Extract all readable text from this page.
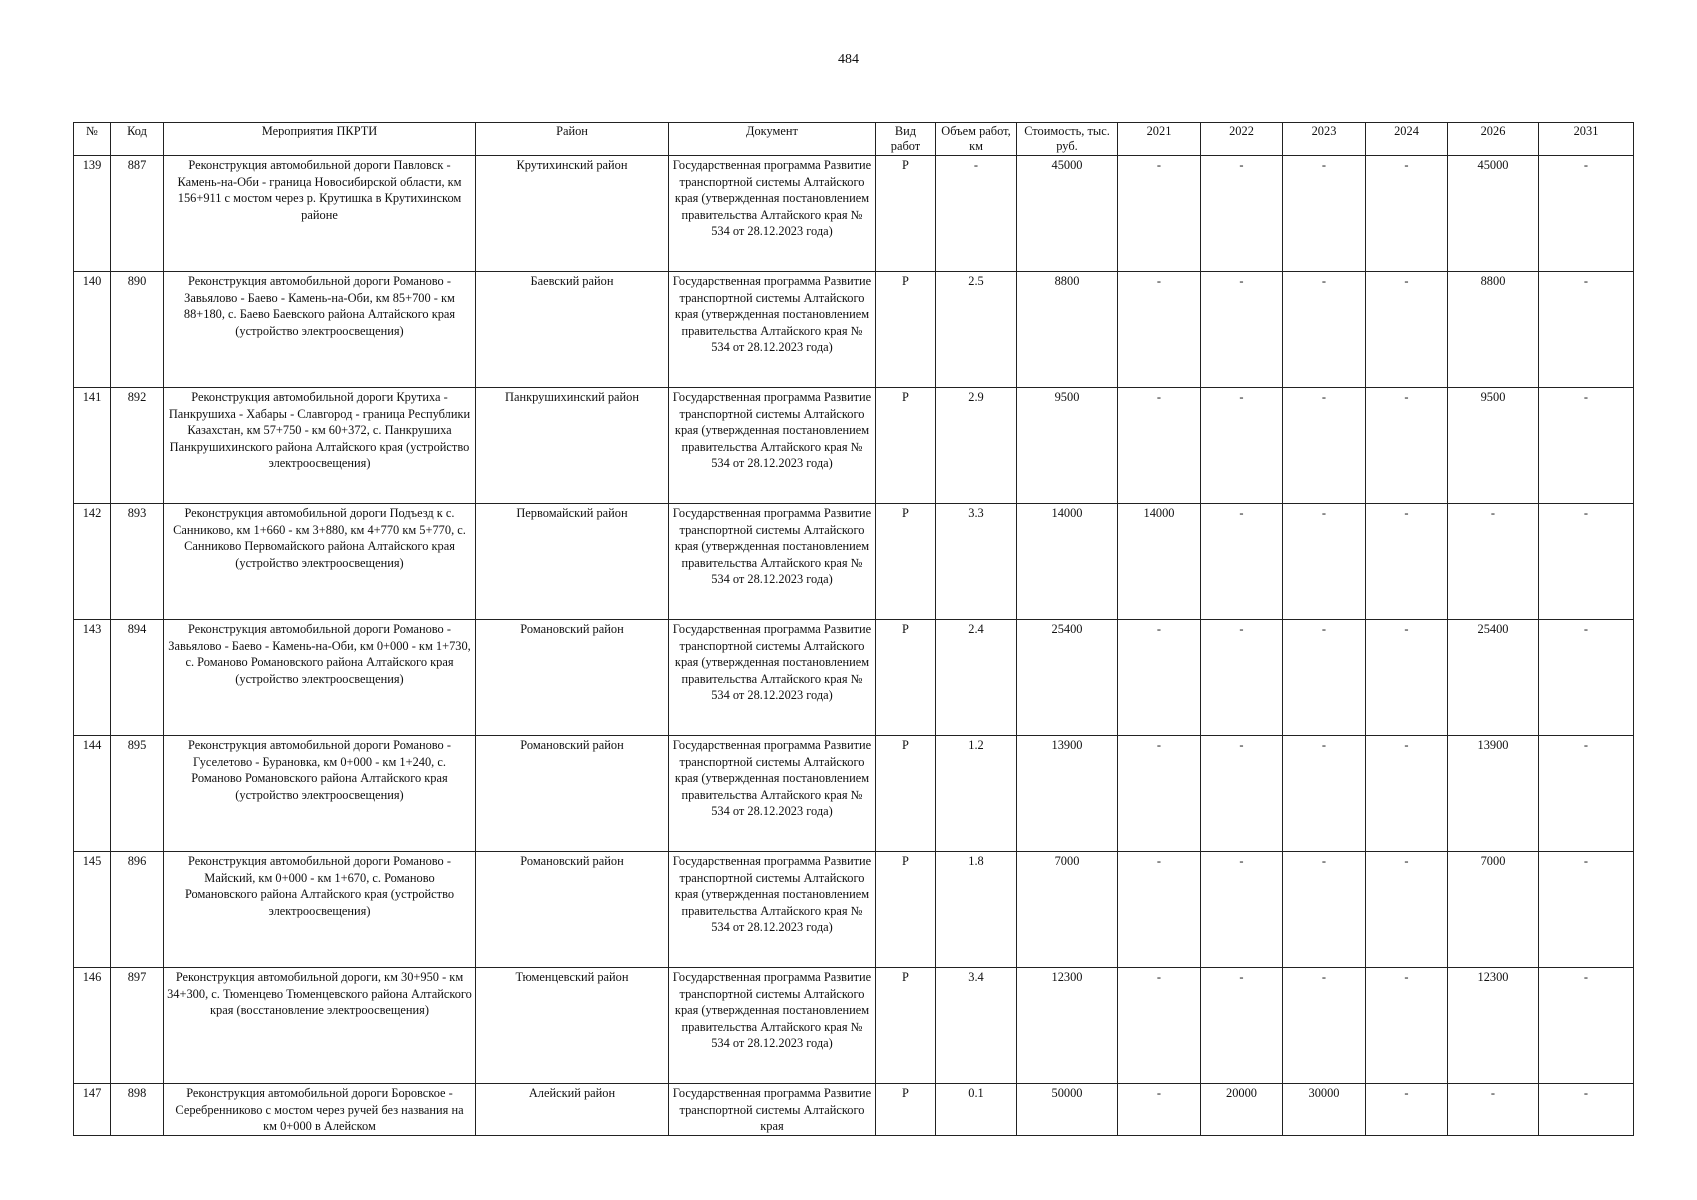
484
№	Код	Мероприятия ПКРТИ	Район	Документ	Вид работ	Объем работ, км	Стоимость, тыс. руб.	2021	2022	2023	2024	2026	2031
139	887	Реконструкция автомобильной дороги Павловск - Камень-на-Оби - граница Новосибирской области, км 156+911 с мостом через р. Крутишка в Крутихинском районе	Крутихинский район	Государственная программа Развитие транспортной системы Алтайского края (утвержденная постановлением правительства Алтайского края № 534 от 28.12.2023 года)	Р	-	45000	-	-	-	-	45000	-
140	890	Реконструкция автомобильной дороги Романово - Завьялово - Баево - Камень-на-Оби, км 85+700 - км 88+180, с. Баево Баевского района Алтайского края (устройство электроосвещения)	Баевский район	Государственная программа Развитие транспортной системы Алтайского края (утвержденная постановлением правительства Алтайского края № 534 от 28.12.2023 года)	Р	2.5	8800	-	-	-	-	8800	-
141	892	Реконструкция автомобильной дороги Крутиха - Панкрушиха - Хабары - Славгород - граница Республики Казахстан, км 57+750 - км 60+372, с. Панкрушиха Панкрушихинского района Алтайского края (устройство электроосвещения)	Панкрушихинский район	Государственная программа Развитие транспортной системы Алтайского края (утвержденная постановлением правительства Алтайского края № 534 от 28.12.2023 года)	Р	2.9	9500	-	-	-	-	9500	-
142	893	Реконструкция автомобильной дороги Подъезд к с. Санниково, км 1+660 - км 3+880, км 4+770 км 5+770, с. Санниково Первомайского района Алтайского края (устройство электроосвещения)	Первомайский район	Государственная программа Развитие транспортной системы Алтайского края (утвержденная постановлением правительства Алтайского края № 534 от 28.12.2023 года)	Р	3.3	14000	14000	-	-	-	-	-
143	894	Реконструкция автомобильной дороги Романово - Завьялово - Баево - Камень-на-Оби, км 0+000 - км 1+730, с. Романово Романовского района Алтайского края (устройство электроосвещения)	Романовский район	Государственная программа Развитие транспортной системы Алтайского края (утвержденная постановлением правительства Алтайского края № 534 от 28.12.2023 года)	Р	2.4	25400	-	-	-	-	25400	-
144	895	Реконструкция автомобильной дороги Романово - Гуселетово - Бурановка, км 0+000 - км 1+240, с. Романово Романовского района Алтайского края (устройство электроосвещения)	Романовский район	Государственная программа Развитие транспортной системы Алтайского края (утвержденная постановлением правительства Алтайского края № 534 от 28.12.2023 года)	Р	1.2	13900	-	-	-	-	13900	-
145	896	Реконструкция автомобильной дороги Романово - Майский, км 0+000 - км 1+670, с. Романово Романовского района Алтайского края (устройство электроосвещения)	Романовский район	Государственная программа Развитие транспортной системы Алтайского края (утвержденная постановлением правительства Алтайского края № 534 от 28.12.2023 года)	Р	1.8	7000	-	-	-	-	7000	-
146	897	Реконструкция автомобильной дороги, км 30+950 - км 34+300, с. Тюменцево Тюменцевского района Алтайского края (восстановление электроосвещения)	Тюменцевский район	Государственная программа Развитие транспортной системы Алтайского края (утвержденная постановлением правительства Алтайского края № 534 от 28.12.2023 года)	Р	3.4	12300	-	-	-	-	12300	-
147	898	Реконструкция автомобильной дороги Боровское - Серебренниково с мостом через ручей без названия на км 0+000 в Алейском	Алейский район	Государственная программа Развитие транспортной системы Алтайского края	Р	0.1	50000	-	20000	30000	-	-	-
